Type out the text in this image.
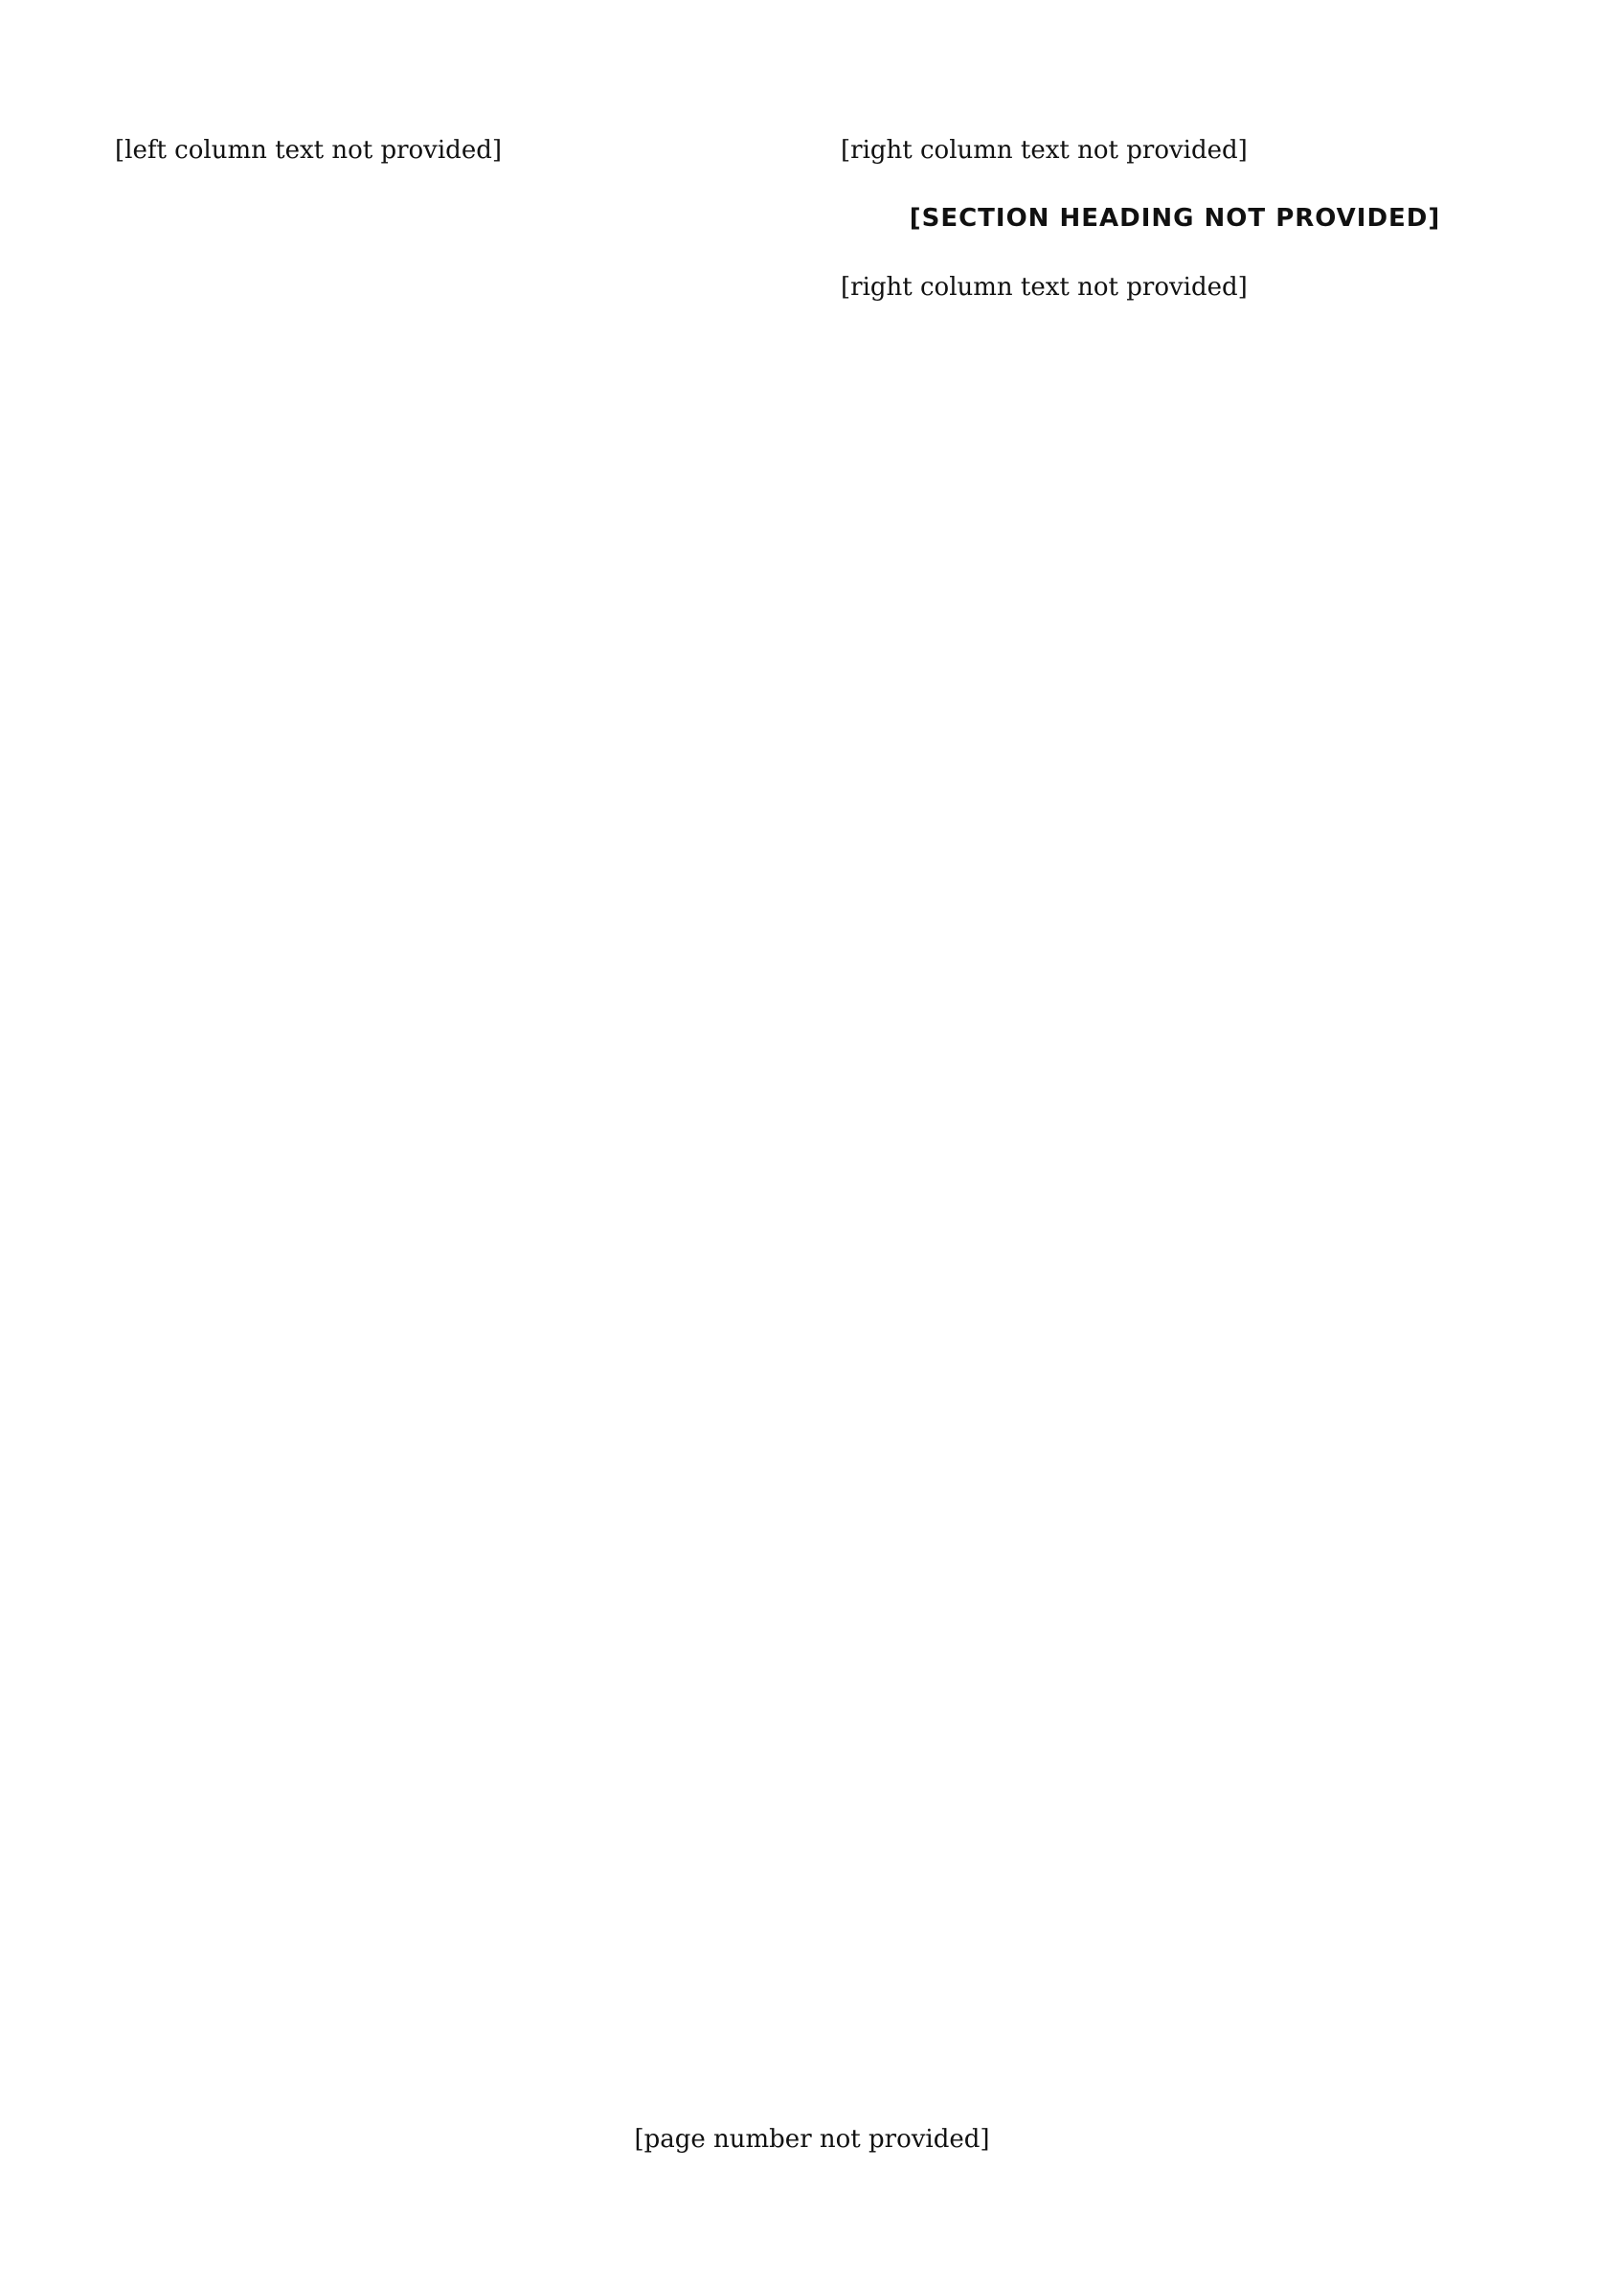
[left column text not provided]	[right column text not provided]

[SECTION HEADING NOT PROVIDED]

[right column text not provided]

[page number not provided]
